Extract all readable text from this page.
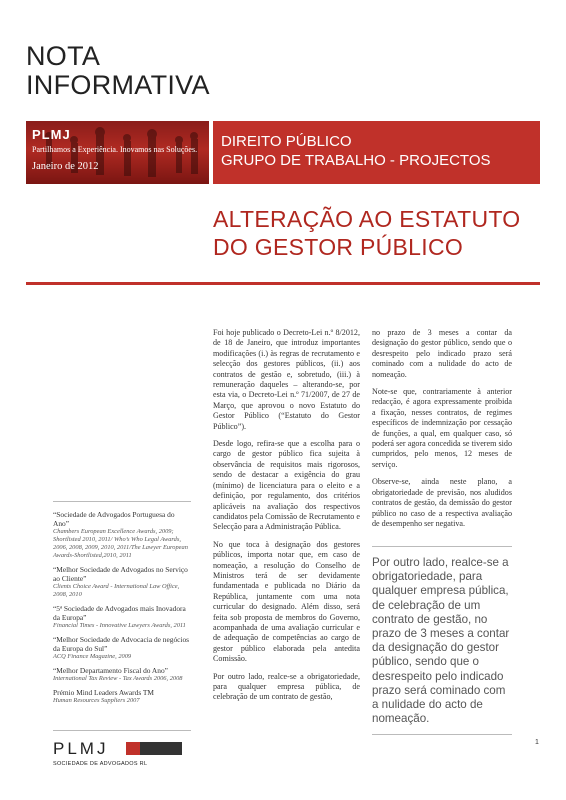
NOTA
INFORMATIVA
PLMJ
Partilhamos a Experiência. Inovamos nas Soluções.
Janeiro de 2012
DIREITO PÚBLICO
GRUPO DE TRABALHO - PROJECTOS
ALTERAÇÃO AO ESTATUTO
DO GESTOR PÚBLICO

Foi hoje publicado o Decreto-Lei n.º 8/2012, de 18 de Janeiro, que introduz importantes modificações (i.) às regras de recrutamento e selecção dos gestores públicos, (ii.) aos contratos de gestão e, sobretudo, (iii.) à remuneração daqueles – alterando-se, por esta via, o Decreto-Lei n.º 71/2007, de 27 de Março, que aprovou o novo Estatuto do Gestor Público (“Estatuto do Gestor Público”).

Desde logo, refira-se que a escolha para o cargo de gestor público fica sujeita à observância de requisitos mais rigorosos, sendo de destacar a exigência do grau (mínimo) de licenciatura para o eleito e a definição, por regulamento, dos critérios aplicáveis na avaliação dos respectivos candidatos pela Comissão de Recrutamento e Selecção para a Administração Pública.

No que toca à designação dos gestores públicos, importa notar que, em caso de nomeação, a resolução do Conselho de Ministros terá de ser devidamente fundamentada e publicada no Diário da República, juntamente com uma nota curricular do designado. Além disso, será feita sob proposta de membros do Governo, acompanhada de uma avaliação curricular e de adequação de competências ao cargo de gestor público elaborada pela antedita Comissão.

Por outro lado, realce-se a obrigatoriedade, para qualquer empresa pública, de celebração de um contrato de gestão,

no prazo de 3 meses a contar da designação do gestor público, sendo que o desrespeito pelo indicado prazo será cominado com a nulidade do acto de nomeação.

Note-se que, contrariamente à anterior redacção, é agora expressamente proibida a fixação, nesses contratos, de regimes específicos de indemnização por cessação de funções, a qual, em qualquer caso, só poderá ser agora concedida se tiverem sido cumpridos, pelo menos, 12 meses de serviço.

Observe-se, ainda neste plano, a obrigatoriedade de previsão, nos aludidos contratos de gestão, da demissão do gestor público no caso de a respectiva avaliação de desempenho ser negativa.

Por outro lado, realce-se a obrigatoriedade, para qualquer empresa pública, de celebração de um contrato de gestão, no prazo de 3 meses a contar da designação do gestor público, sendo que o desrespeito pelo indicado prazo será cominado com a nulidade do acto de nomeação.
“Sociedade de Advogados Portuguesa do Ano”
Chambers European Excellence Awards, 2009; Shortlisted 2010, 2011/ Who’s Who Legal Awards, 2006, 2008, 2009, 2010, 2011/The Lawyer European Awards-Shortlisted,2010, 2011
“Melhor Sociedade de Advogados no Serviço ao Cliente”
Clients Choice Award - International Law Office, 2008, 2010
“5ª Sociedade de Advogados mais Inovadora da Europa”
Financial Times - Innovative Lawyers Awards, 2011
“Melhor Sociedade de Advocacia de negócios da Europa do Sul”
ACQ Finance Magazine, 2009
“Melhor Departamento Fiscal do Ano”
International Tax Review - Tax Awards 2006, 2008
Prémio Mind Leaders Awards TM
Human Resources Suppliers 2007
PLMJ
SOCIEDADE DE ADVOGADOS RL
1
